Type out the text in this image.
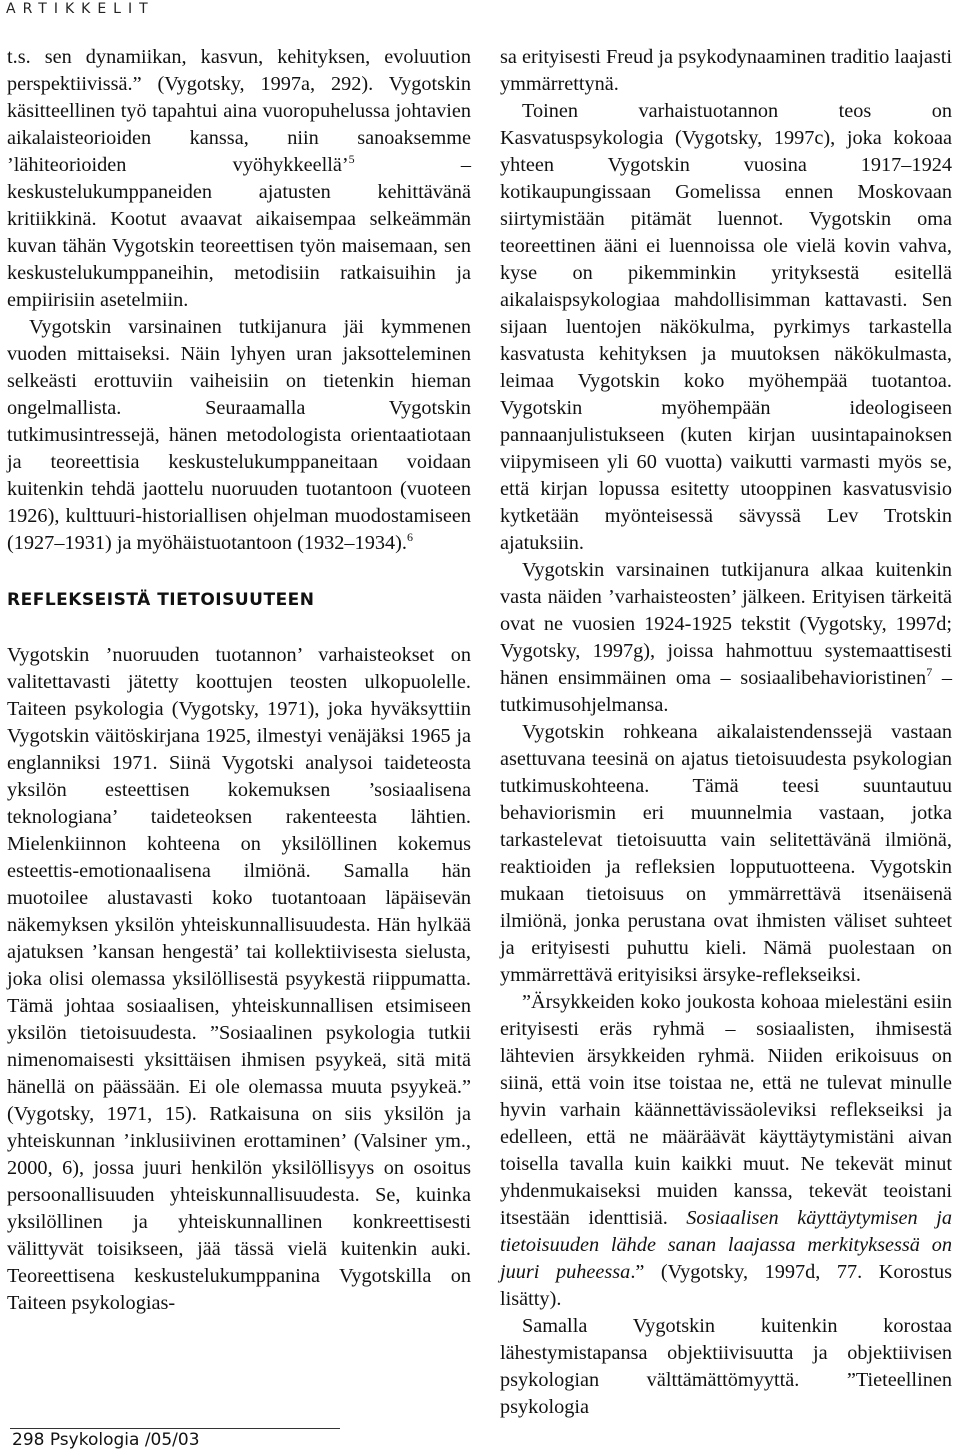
ARTIKKELIT

t.s. sen dynamiikan, kasvun, kehityksen, evoluution perspektiivissä.” (Vygotsky, 1997a, 292). Vygotskin käsitteellinen työ tapahtui aina vuoropuhelussa johtavien aikalaisteorioiden kanssa, niin sanoaksemme ’lähiteorioiden vyöhykkeellä’$^5$ – keskustelukumppaneiden ajatusten kehittävänä kritiikkinä. Kootut avaavat aikaisempaa selkeämmän kuvan tähän Vygotskin teoreettisen työn maisemaan, sen keskustelukumppaneihin, metodisiin ratkaisuihin ja empiirisiin asetelmiin.

Vygotskin varsinainen tutkijanura jäi kymmenen vuoden mittaiseksi. Näin lyhyen uran jaksotteleminen selkeästi erottuviin vaiheisiin on tietenkin hieman ongelmallista. Seuraamalla Vygotskin tutkimusintressejä, hänen metodologista orientaatiotaan ja teoreettisia keskustelukumppaneitaan voidaan kuitenkin tehdä jaottelu nuoruuden tuotantoon (vuoteen 1926), kulttuuri-historiallisen ohjelman muodostamiseen (1927–1931) ja myöhäistuotantoon (1932–1934).$^6$

REFLEKSEISTÄ TIETOISUUTEEN

Vygotskin ’nuoruuden tuotannon’ varhaisteokset on valitettavasti jätetty koottujen teosten ulkopuolelle. Taiteen psykologia (Vygotsky, 1971), joka hyväksyttiin Vygotskin väitöskirjana 1925, ilmestyi venäjäksi 1965 ja englanniksi 1971. Siinä Vygotski analysoi taideteosta yksilön esteettisen kokemuksen ’sosiaalisena teknologiana’ taideteoksen rakenteesta lähtien. Mielenkiinnon kohteena on yksilöllinen kokemus esteettis-emotionaalisena ilmiönä. Samalla hän muotoilee alustavasti koko tuotantoaan läpäisevän näkemyksen yksilön yhteiskunnallisuudesta. Hän hylkää ajatuksen ’kansan hengestä’ tai kollektiivisesta sielusta, joka olisi olemassa yksilöllisestä psyykestä riippumatta. Tämä johtaa sosiaalisen, yhteiskunnallisen etsimiseen yksilön tietoisuudesta. ”Sosiaalinen psykologia tutkii nimenomaisesti yksittäisen ihmisen psyykeä, sitä mitä hänellä on päässään. Ei ole olemassa muuta psyykeä.” (Vygotsky, 1971, 15). Ratkaisuna on siis yksilön ja yhteiskunnan ’inklusiivinen erottaminen’ (Valsiner ym., 2000, 6), jossa juuri henkilön yksilöllisyys on osoitus persoonallisuuden yhteiskunnallisuudesta. Se, kuinka yksilöllinen ja yhteiskunnallinen konkreettisesti välittyvät toisikseen, jää tässä vielä kuitenkin auki. Teoreettisena keskustelukumppanina Vygotskilla on Taiteen psykologias-

sa erityisesti Freud ja psykodynaaminen traditio laajasti ymmärrettynä.

Toinen varhaistuotannon teos on Kasvatuspsykologia (Vygotsky, 1997c), joka kokoaa yhteen Vygotskin vuosina 1917–1924 kotikaupungissaan Gomelissa ennen Moskovaan siirtymistään pitämät luennot. Vygotskin oma teoreettinen ääni ei luennoissa ole vielä kovin vahva, kyse on pikemminkin yrityksestä esitellä aikalaispsykologiaa mahdollisimman kattavasti. Sen sijaan luentojen näkökulma, pyrkimys tarkastella kasvatusta kehityksen ja muutoksen näkökulmasta, leimaa Vygotskin koko myöhempää tuotantoa. Vygotskin myöhempään ideologiseen pannaanjulistukseen (kuten kirjan uusintapainoksen viipymiseen yli 60 vuotta) vaikutti varmasti myös se, että kirjan lopussa esitetty utooppinen kasvatusvisio kytketään myönteisessä sävyssä Lev Trotskin ajatuksiin.

Vygotskin varsinainen tutkijanura alkaa kuitenkin vasta näiden ’varhaisteosten’ jälkeen. Erityisen tärkeitä ovat ne vuosien 1924-1925 tekstit (Vygotsky, 1997d; Vygotsky, 1997g), joissa hahmottuu systemaattisesti hänen ensimmäinen oma – sosiaalibehavioristinen$^7$ – tutkimusohjelmansa.

Vygotskin rohkeana aikalaistendenssejä vastaan asettuvana teesinä on ajatus tietoisuudesta psykologian tutkimuskohteena. Tämä teesi suuntautuu behaviorismin eri muunnelmia vastaan, jotka tarkastelevat tietoisuutta vain selitettävänä ilmiönä, reaktioiden ja refleksien lopputuotteena. Vygotskin mukaan tietoisuus on ymmärrettävä itsenäisenä ilmiönä, jonka perustana ovat ihmisten väliset suhteet ja erityisesti puhuttu kieli. Nämä puolestaan on ymmärrettävä erityisiksi ärsyke-reflekseiksi.

”Ärsykkeiden koko joukosta kohoaa mielestäni esiin erityisesti eräs ryhmä – sosiaalisten, ihmisestä lähtevien ärsykkeiden ryhmä. Niiden erikoisuus on siinä, että voin itse toistaa ne, että ne tulevat minulle hyvin varhain käännettävissäoleviksi reflekseiksi ja edelleen, että ne määräävät käyttäytymistäni aivan toisella tavalla kuin kaikki muut. Ne tekevät minut yhdenmukaiseksi muiden kanssa, tekevät teoistani itsestään identtisiä. Sosiaalisen käyttäytymisen ja tietoisuuden lähde sanan laajassa merkityksessä on juuri puheessa.” (Vygotsky, 1997d, 77. Korostus lisätty).

Samalla Vygotskin kuitenkin korostaa lähestymistapansa objektiivisuutta ja objektiivisen psykologian välttämättömyyttä. ”Tieteellinen psykologia

298 Psykologia /05/03
